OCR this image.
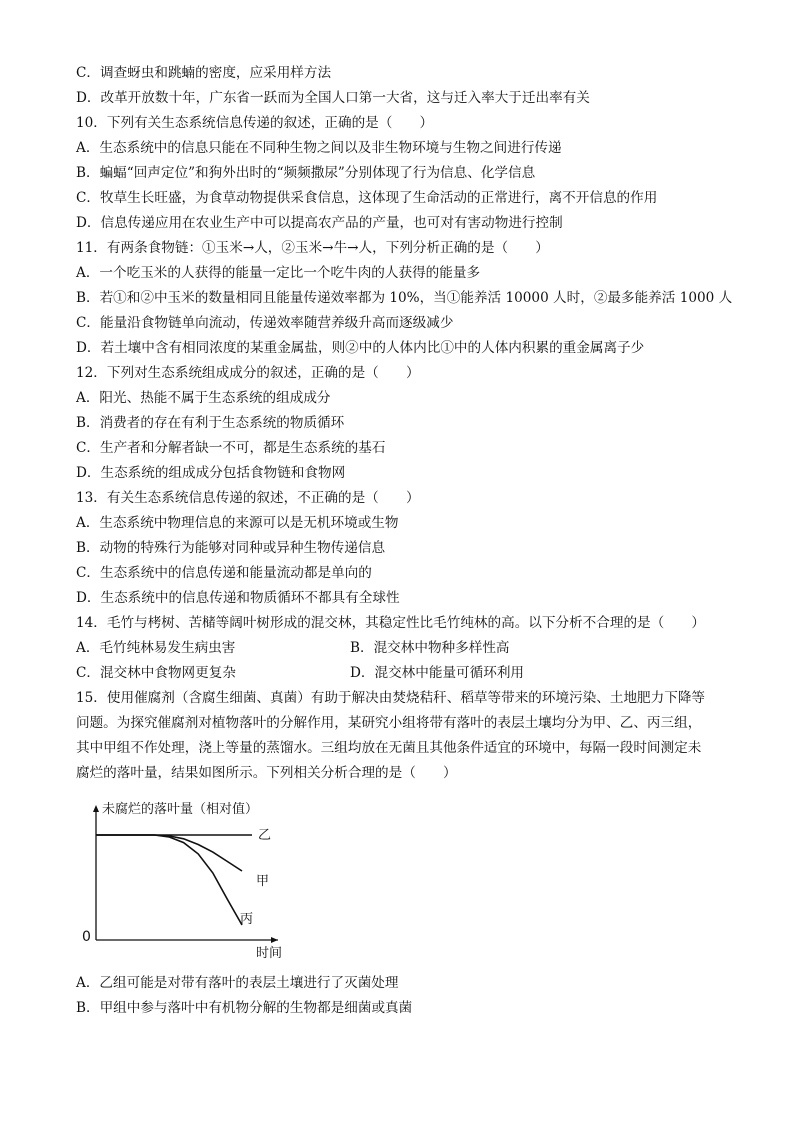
C．调查蚜虫和跳蝻的密度，应采用样方法
D．改革开放数十年，广东省一跃而为全国人口第一大省，这与迁入率大于迁出率有关
10．下列有关生态系统信息传递的叙述，正确的是（　　）
A．生态系统中的信息只能在不同种生物之间以及非生物环境与生物之间进行传递
B．蝙蝠“回声定位”和狗外出时的“频频撒尿”分别体现了行为信息、化学信息
C．牧草生长旺盛，为食草动物提供采食信息，这体现了生命活动的正常进行，离不开信息的作用
D．信息传递应用在农业生产中可以提高农产品的产量，也可对有害动物进行控制
11．有两条食物链：①玉米→人，②玉米→牛→人，下列分析正确的是（　　）
A．一个吃玉米的人获得的能量一定比一个吃牛肉的人获得的能量多
B．若①和②中玉米的数量相同且能量传递效率都为 10%，当①能养活 10000 人时，②最多能养活 1000 人
C．能量沿食物链单向流动，传递效率随营养级升高而逐级减少
D．若土壤中含有相同浓度的某重金属盐，则②中的人体内比①中的人体内积累的重金属离子少
12．下列对生态系统组成成分的叙述，正确的是（　　）
A．阳光、热能不属于生态系统的组成成分
B．消费者的存在有利于生态系统的物质循环
C．生产者和分解者缺一不可，都是生态系统的基石
D．生态系统的组成成分包括食物链和食物网
13．有关生态系统信息传递的叙述，不正确的是（　　）
A．生态系统中物理信息的来源可以是无机环境或生物
B．动物的特殊行为能够对同种或异种生物传递信息
C．生态系统中的信息传递和能量流动都是单向的
D．生态系统中的信息传递和物质循环不都具有全球性
14．毛竹与栲树、苦槠等阔叶树形成的混交林，其稳定性比毛竹纯林的高。以下分析不合理的是（　　）
A．毛竹纯林易发生病虫害	B．混交林中物种多样性高
C．混交林中食物网更复杂	D．混交林中能量可循环利用
15．使用催腐剂（含腐生细菌、真菌）有助于解决由焚烧秸秆、稻草等带来的环境污染、土地肥力下降等
问题。为探究催腐剂对植物落叶的分解作用，某研究小组将带有落叶的表层土壤均分为甲、乙、丙三组，
其中甲组不作处理，浇上等量的蒸馏水。三组均放在无菌且其他条件适宜的环境中，每隔一段时间测定未
腐烂的落叶量，结果如图所示。下列相关分析合理的是（　　）
A．乙组可能是对带有落叶的表层土壤进行了灭菌处理
B．甲组中参与落叶中有机物分解的生物都是细菌或真菌
未腐烂的落叶量（相对值）
时间
0
乙
甲
丙
